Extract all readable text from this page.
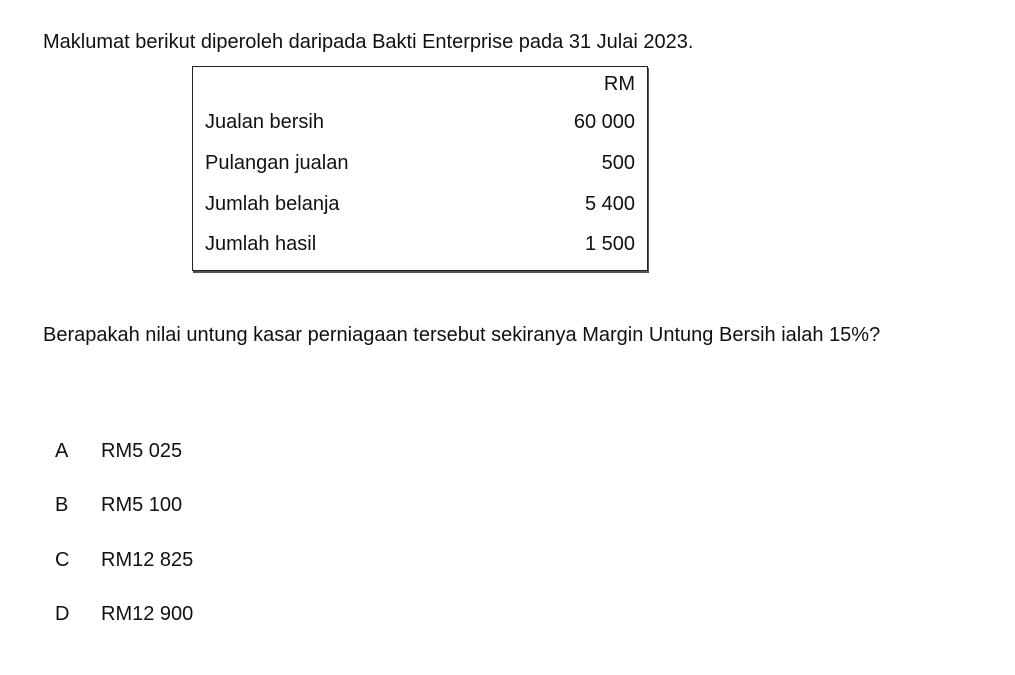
Maklumat berikut diperoleh daripada Bakti Enterprise pada 31 Julai 2023.
RM
Jualan bersih	60 000
Pulangan jualan	500
Jumlah belanja	5 400
Jumlah hasil	1 500
Berapakah nilai untung kasar perniagaan tersebut sekiranya Margin Untung Bersih ialah 15%?
A RM5 025
B RM5 100
C RM12 825
D RM12 900
